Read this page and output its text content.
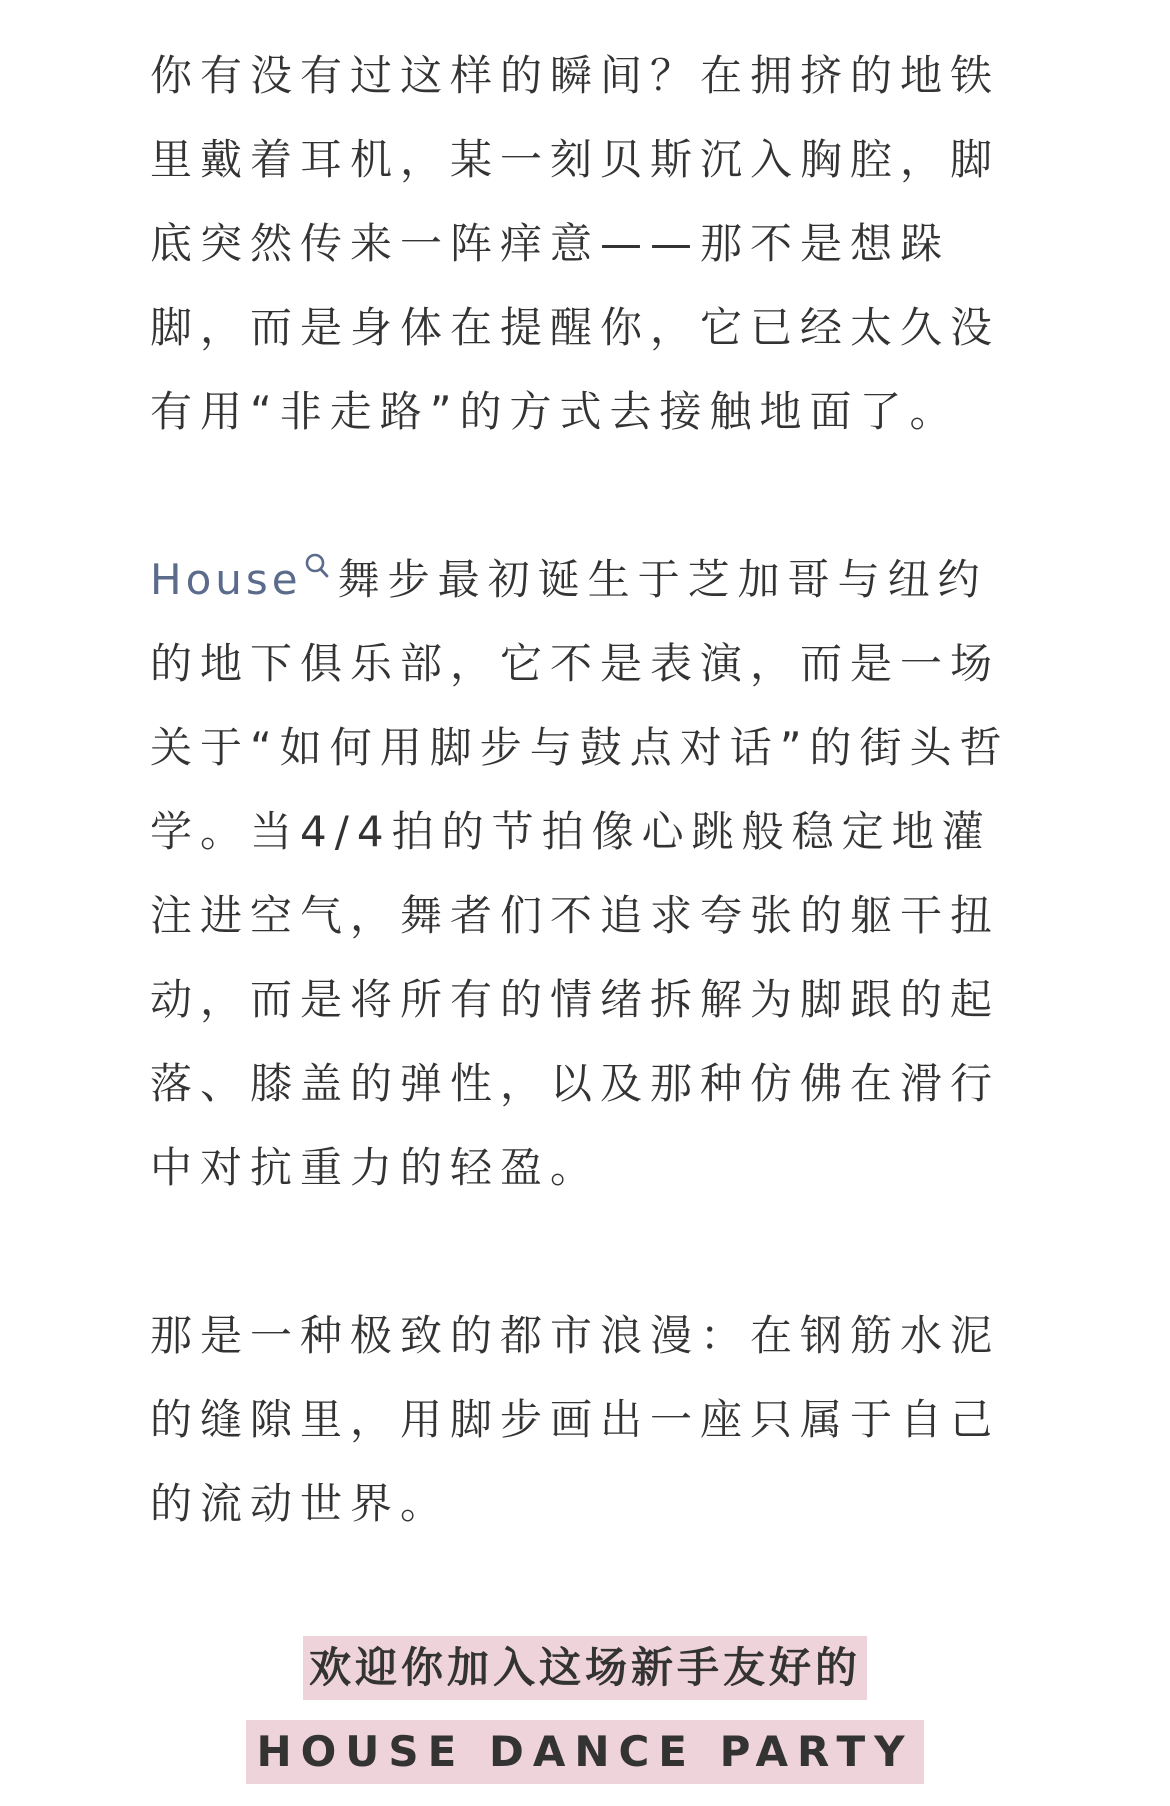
你有没有过这样的瞬间？在拥挤的地铁里戴着耳机，某一刻贝斯沉入胸腔，脚底突然传来一阵痒意——那不是想跺脚，而是身体在提醒你，它已经太久没有用“非走路”的方式去接触地面了。

House 舞步最初诞生于芝加哥与纽约的地下俱乐部，它不是表演，而是一场关于“如何用脚步与鼓点对话”的街头哲学。当4/4拍的节拍像心跳般稳定地灌注进空气，舞者们不追求夸张的躯干扭动，而是将所有的情绪拆解为脚跟的起落、膝盖的弹性，以及那种仿佛在滑行中对抗重力的轻盈。

那是一种极致的都市浪漫：在钢筋水泥的缝隙里，用脚步画出一座只属于自己的流动世界。

欢迎你加入这场新手友好的
HOUSE DANCE PARTY
